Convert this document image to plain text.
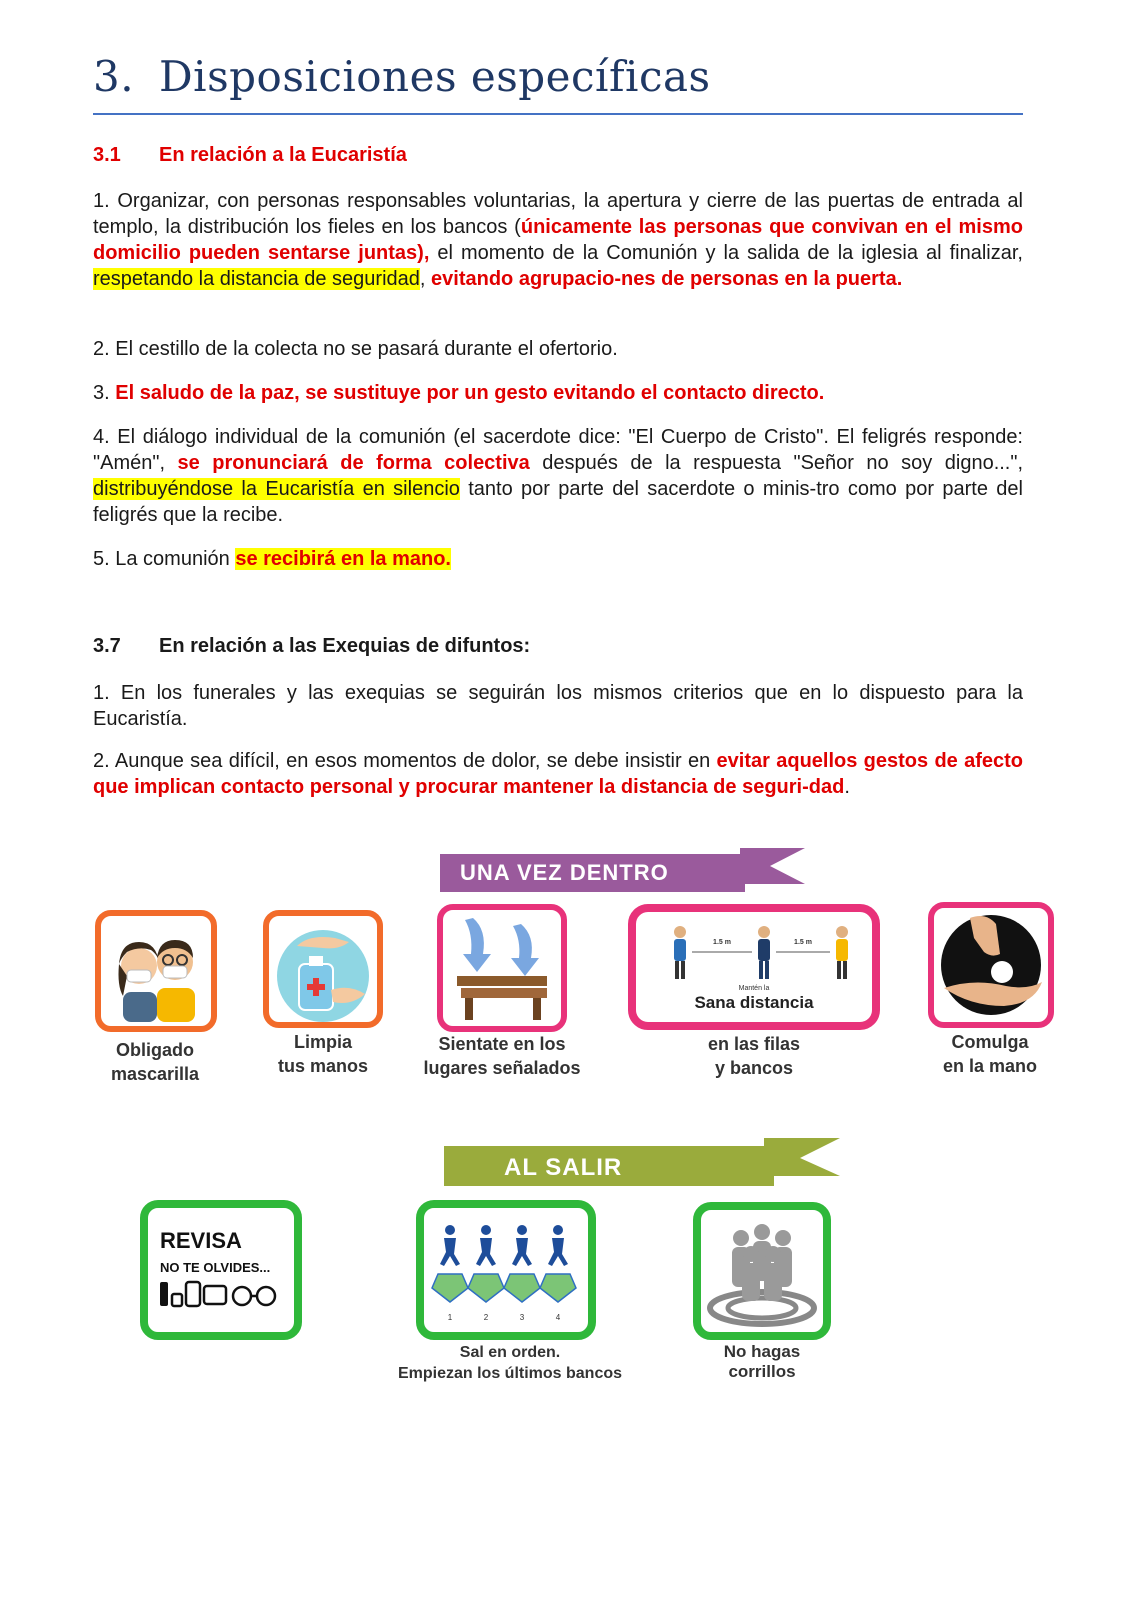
3. Disposiciones específicas
3.1 En relación a la Eucaristía
1. Organizar, con personas responsables voluntarias, la apertura y cierre de las puertas de entrada al templo, la distribución los fieles en los bancos (únicamente las personas que convivan en el mismo domicilio pueden sentarse juntas), el momento de la Comunión y la salida de la iglesia al finalizar, respetando la distancia de seguridad, evitando agrupacio-nes de personas en la puerta.
2. El cestillo de la colecta no se pasará durante el ofertorio.
3. El saludo de la paz, se sustituye por un gesto evitando el contacto directo.
4. El diálogo individual de la comunión (el sacerdote dice: "El Cuerpo de Cristo". El feligrés responde: "Amén", se pronunciará de forma colectiva después de la respuesta "Señor no soy digno...", distribuyéndose la Eucaristía en silencio tanto por parte del sacerdote o minis-tro como por parte del feligrés que la recibe.
5. La comunión se recibirá en la mano.
3.7 En relación a las Exequias de difuntos:
1. En los funerales y las exequias se seguirán los mismos criterios que en lo dispuesto para la Eucaristía.
2. Aunque sea difícil, en esos momentos de dolor, se debe insistir en evitar aquellos gestos de afecto que implican contacto personal y procurar mantener la distancia de seguri-dad.
UNA VEZ DENTRO
Obligado
mascarilla
Limpia
tus manos
Sientate en los
lugares señalados
1.5 m	1.5 m
Mantén la
Sana distancia
en las filas
y bancos
Comulga
en la mano
AL SALIR
REVISA
NO TE OLVIDES...
1	2	3	4
Sal en orden.
Empiezan los últimos bancos
No hagas
corrillos
